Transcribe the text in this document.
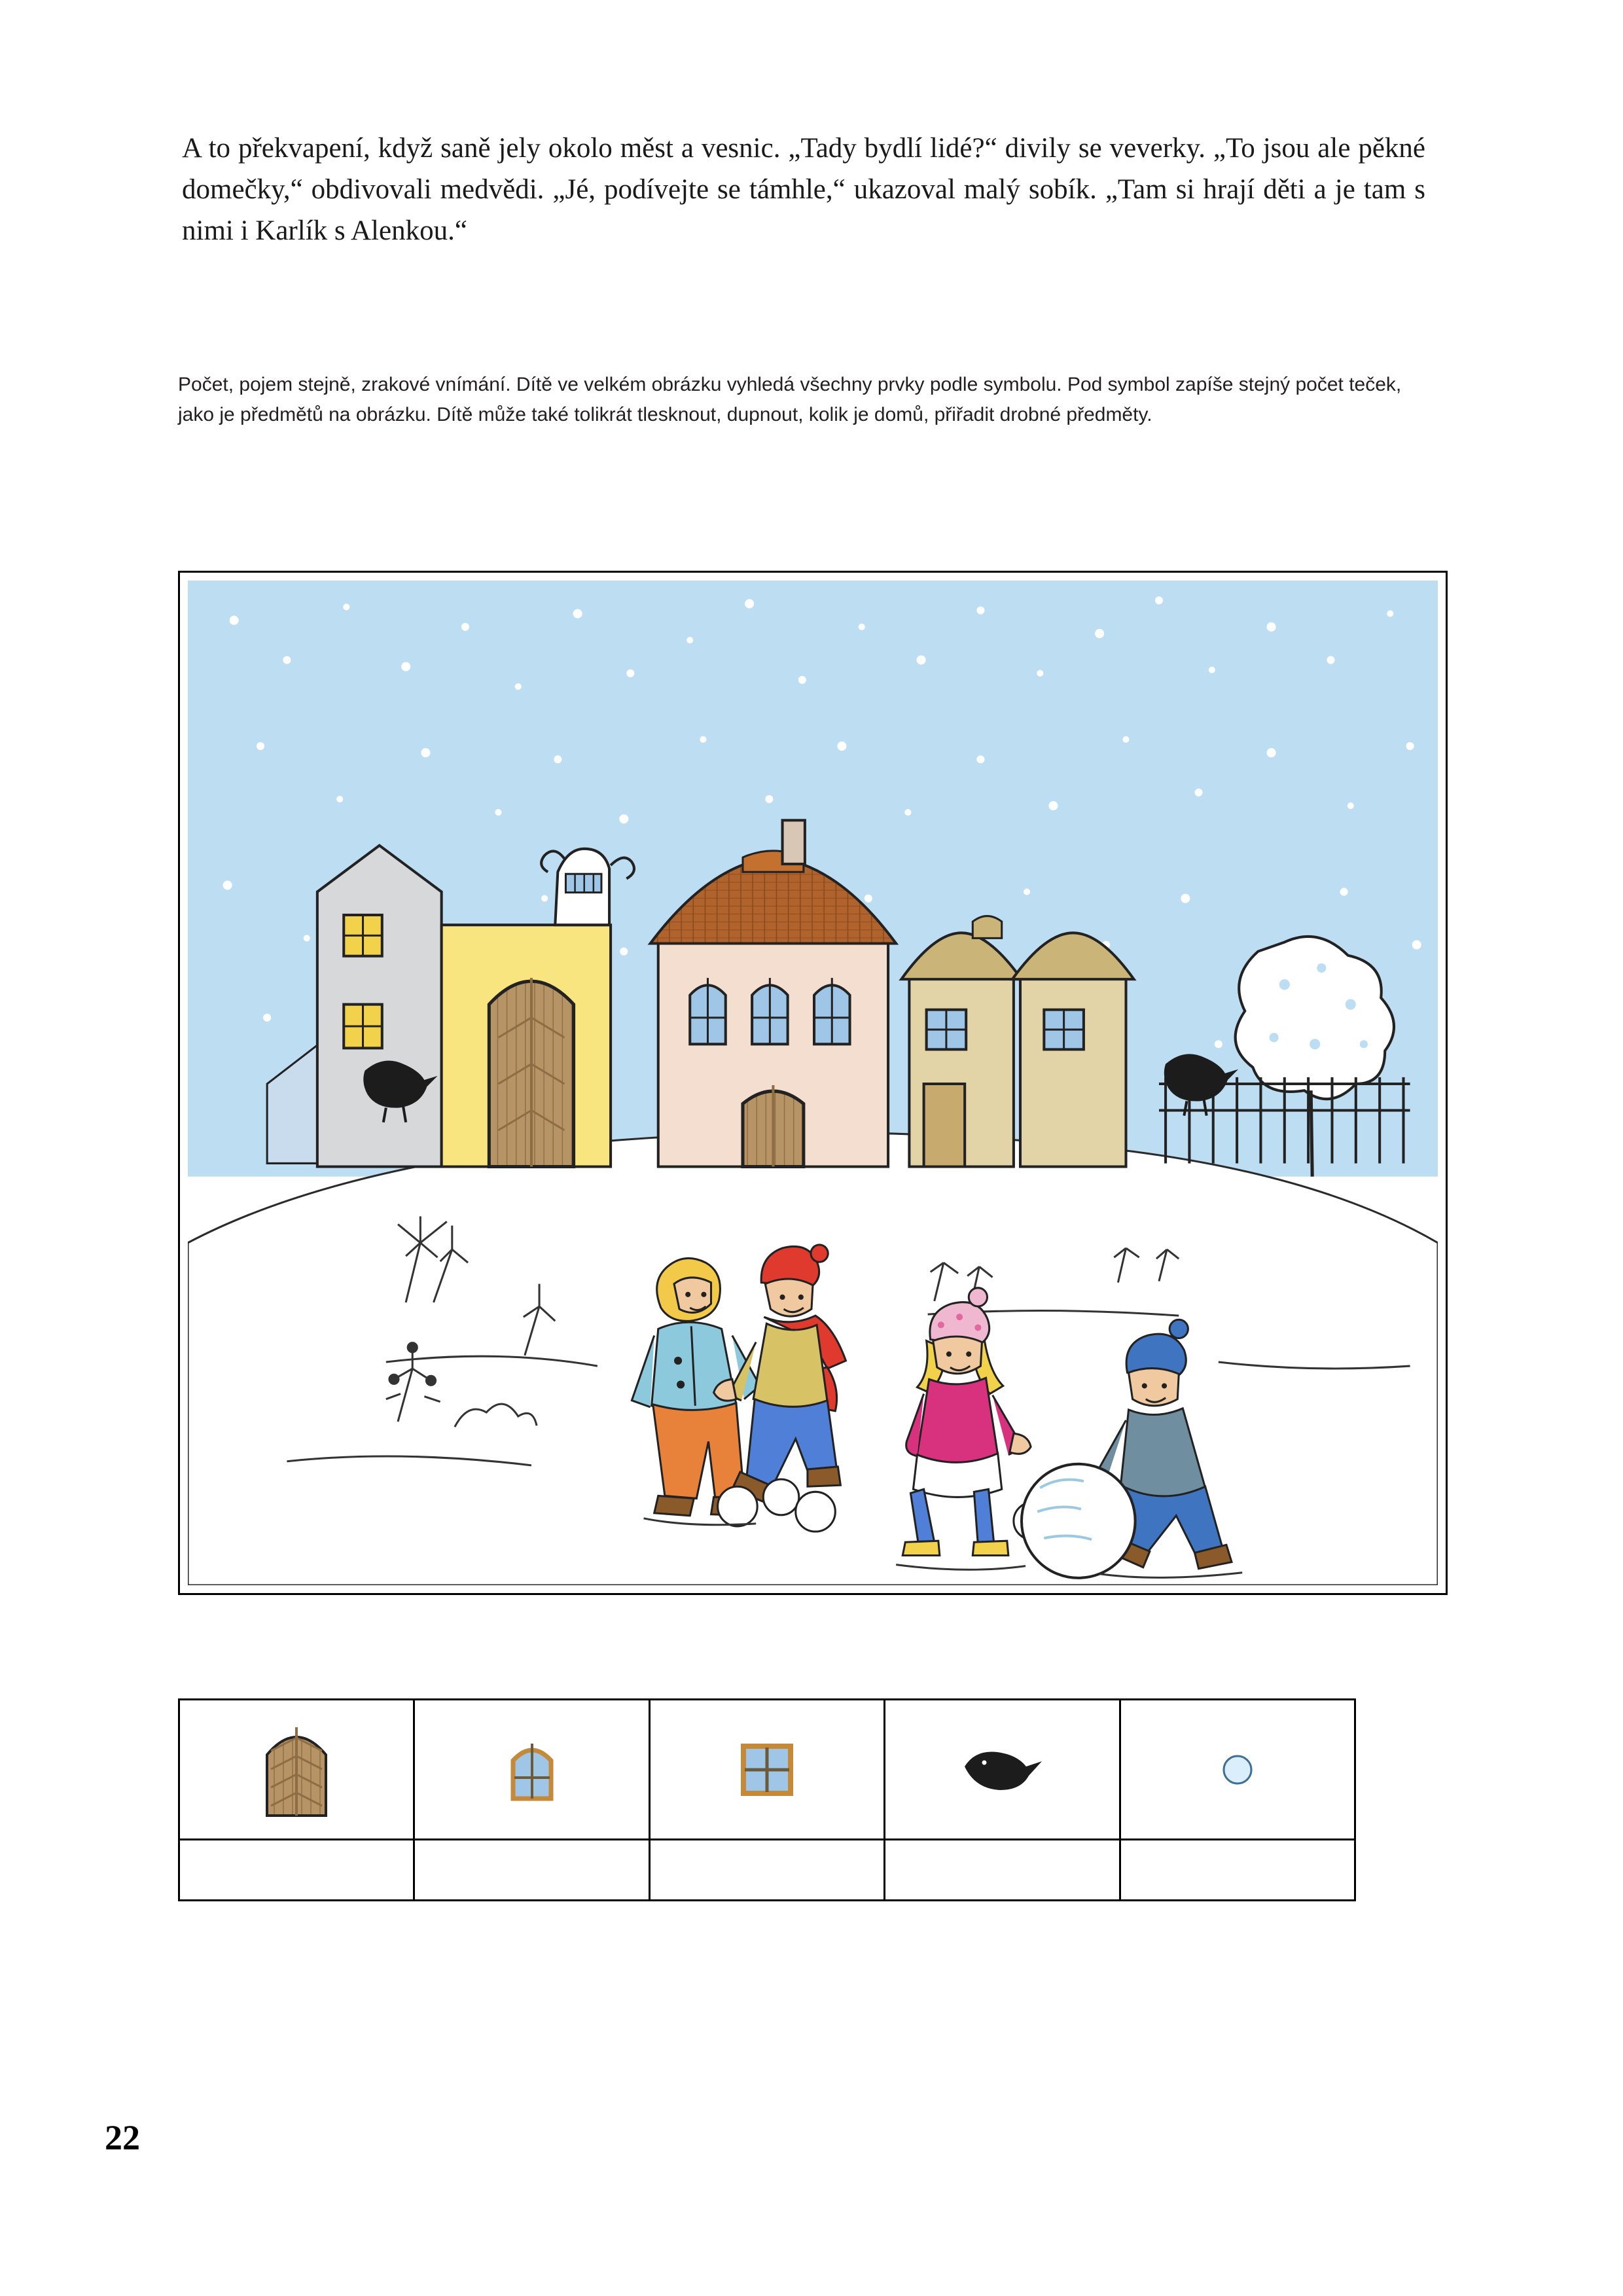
A to překvapení, když saně jely okolo měst a vesnic. „Tady bydlí lidé?“ divily se veverky. „To jsou ale pěkné domečky,“ obdivovali medvědi. „Jé, podívejte se támhle,“ ukazoval malý sobík. „Tam si hrají děti a je tam s nimi i Karlík s Alenkou.“

Počet, pojem stejně, zrakové vnímání. Dítě ve velkém obrázku vyhledá všechny prvky podle symbolu. Pod symbol zapíše stejný počet teček, jako je předmětů na obrázku. Dítě může také tolikrát tlesknout, dupnout, kolik je domů, přiřadit drobné předměty.

22
